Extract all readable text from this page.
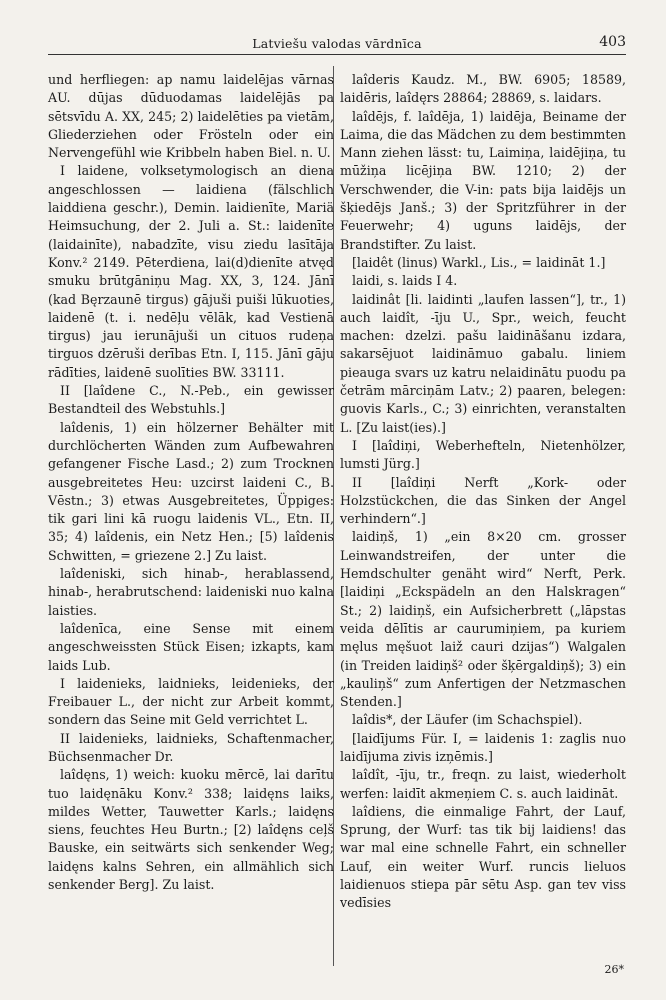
Latviešu valodas vārdnīca	403

und herfliegen: ap namu laidelējas vārnas AU. dūjas dūduodamas laidelējās pa sētsvīdu A. XX, 245; 2) laidelēties pa vietām, Gliederziehen oder Frösteln oder ein Nervengefühl wie Kribbeln haben Biel. n. U.

I laidene, volksetymologisch an diena angeschlossen — laidiena (fälschlich laiddiena geschr.), Demin. laidienīte, Mariä Heimsuchung, der 2. Juli a. St.: laidenīte (laidainīte), nabadzīte, visu ziedu lasītāja Konv.² 2149. Pēterdiena, lai(d)dienīte atvęd smuku brūtgāniņu Mag. XX, 3, 124. Jānī (kad Bęrzaunē tirgus) gājuši puiši lūkuoties, laidenē (t. i. nedēļu vēlāk, kad Vestienā tirgus) jau ierunājuši un cituos rudeņa tirguos dzēruši derības Etn. I, 115. Jānī gāju rādīties, laidenē suolīties BW. 33111.

II [laîdene C., N.-Peb., ein gewisser Bestandteil des Webstuhls.]

laîdenis, 1) ein hölzerner Behälter mit durchlöcherten Wänden zum Aufbewahren gefangener Fische Lasd.; 2) zum Trocknen ausgebreitetes Heu: uzcirst laideni C., B. Vēstn.; 3) etwas Ausgebreitetes, Üppiges: tik gari lini kā ruogu laidenis VL., Etn. II, 35; 4) laîdenis, ein Netz Hen.; [5) laîdenis Schwitten, = griezene 2.] Zu laist.

laîdeniski, sich hinab-, herablassend, hinab-, herabrutschend: laideniski nuo kalna laisties.

laîdenīca, eine Sense mit einem angeschweissten Stück Eisen; izkapts, kam laids Lub.

I laidenieks, laidnieks, leidenieks, der Freibauer L., der nicht zur Arbeit kommt, sondern das Seine mit Geld verrichtet L.

II laidenieks, laidnieks, Schaftenmacher, Büchsenmacher Dr.

laîdęns, 1) weich: kuoku mērcē, lai darītu tuo laidęnāku Konv.² 338; laidęns laiks, mildes Wetter, Tauwetter Karls.; laidęns siens, feuchtes Heu Burtn.; [2) laîdęns ceļš Bauske, ein seitwärts sich senkender Weg; laidęns kalns Sehren, ein allmählich sich senkender Berg]. Zu laist.

laîderis Kaudz. M., BW. 6905; 18589, laidēris, laîdęrs 28864; 28869, s. laidars.

laîdējs, f. laîdēja, 1) laidēja, Beiname der Laima, die das Mädchen zu dem bestimmten Mann ziehen lässt: tu, Laimiņa, laidējiņa, tu mūžiņa licējiņa BW. 1210; 2) der Verschwender, die V-in: pats bija laidējs un šķiedējs Janš.; 3) der Spritzführer in der Feuerwehr; 4) uguns laidējs, der Brandstifter. Zu laist.

[laidêt (linus) Warkl., Lis., = laidināt 1.]

laidi, s. laids I 4.

laidinât [li. laidinti „laufen lassen“], tr., 1) auch laidît, -īju U., Spr., weich, feucht machen: dzelzi. pašu laidināšanu izdara, sakarsējuot laidināmuo gabalu. liniem pieauga svars uz katru nelaidinātu puodu pa četrām mārciņām Latv.; 2) paaren, belegen: guovis Karls., C.; 3) einrichten, veranstalten L. [Zu laist(ies).]

I [laîdiņi, Weberhefteln, Nietenhölzer, lumsti Jürg.]

II [laîdiņi Nerft „Kork- oder Holzstückchen, die das Sinken der Angel verhindern“.]

laidiņš, 1) „ein 8×20 cm. grosser Leinwandstreifen, der unter die Hemdschulter genäht wird“ Nerft, Perk. [laidiņi „Eckspädeln an den Halskragen“ St.; 2) laidiņš, ein Aufsicherbrett („lāpstas veida dēlītis ar caurumiņiem, pa kuriem męlus męšuot laiž cauri dzijas“) Walgalen (in Treiden laidiņš² oder šķērgaldiņš); 3) ein „kauliņš“ zum Anfertigen der Netzmaschen Stenden.]

laîdis*, der Läufer (im Schachspiel).

[laidījums Für. I, = laidenis 1: zaglis nuo laidījuma zivis izņēmis.]

laîdît, -īju, tr., freqn. zu laist, wiederholt werfen: laidīt akmeņiem C. s. auch laidināt.

laîdiens, die einmalige Fahrt, der Lauf, Sprung, der Wurf: tas tik bij laidiens! das war mal eine schnelle Fahrt, ein schneller Lauf, ein weiter Wurf. runcis lieluos laidienuos stiepa pār sētu Asp. gan tev viss vedīsies

26*
